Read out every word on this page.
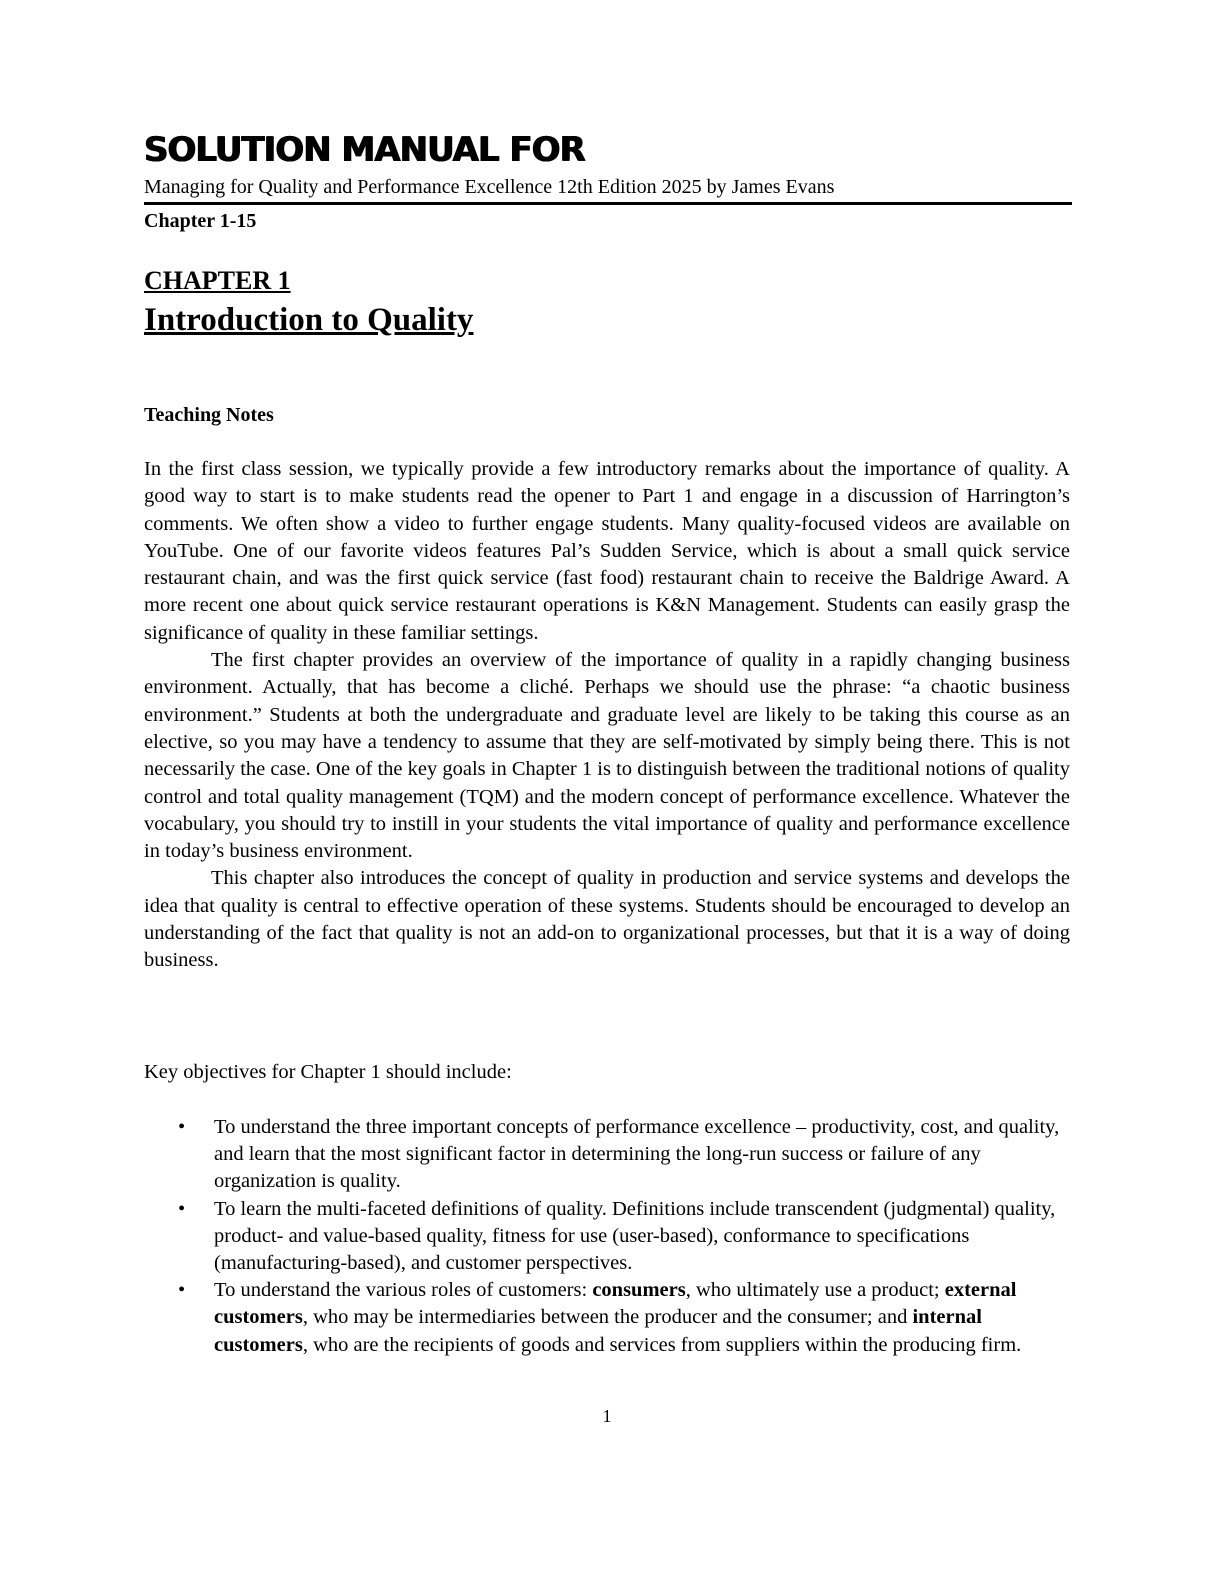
SOLUTION MANUAL FOR
Managing for Quality and Performance Excellence 12th Edition 2025 by James Evans
Chapter 1-15
CHAPTER 1
Introduction to Quality
Teaching Notes

In the first class session, we typically provide a few introductory remarks about the importance of quality. A good way to start is to make students read the opener to Part 1 and engage in a discussion of Harrington’s comments. We often show a video to further engage students. Many quality-focused videos are available on YouTube. One of our favorite videos features Pal’s Sudden Service, which is about a small quick service restaurant chain, and was the first quick service (fast food) restaurant chain to receive the Baldrige Award. A more recent one about quick service restaurant operations is K&N Management. Students can easily grasp the significance of quality in these familiar settings.

The first chapter provides an overview of the importance of quality in a rapidly changing business environment. Actually, that has become a cliché. Perhaps we should use the phrase: “a chaotic business environment.” Students at both the undergraduate and graduate level are likely to be taking this course as an elective, so you may have a tendency to assume that they are self-motivated by simply being there. This is not necessarily the case. One of the key goals in Chapter 1 is to distinguish between the traditional notions of quality control and total quality management (TQM) and the modern concept of performance excellence. Whatever the vocabulary, you should try to instill in your students the vital importance of quality and performance excellence in today’s business environment.

This chapter also introduces the concept of quality in production and service systems and develops the idea that quality is central to effective operation of these systems. Students should be encouraged to develop an understanding of the fact that quality is not an add-on to organizational processes, but that it is a way of doing business.

Key objectives for Chapter 1 should include:

• To understand the three important concepts of performance excellence – productivity, cost, and quality, and learn that the most significant factor in determining the long-run success or failure of any organization is quality.
• To learn the multi-faceted definitions of quality. Definitions include transcendent (judgmental) quality, product- and value-based quality, fitness for use (user-based), conformance to specifications (manufacturing-based), and customer perspectives.
• To understand the various roles of customers: consumers, who ultimately use a product; external customers, who may be intermediaries between the producer and the consumer; and internal customers, who are the recipients of goods and services from suppliers within the producing firm.
1
